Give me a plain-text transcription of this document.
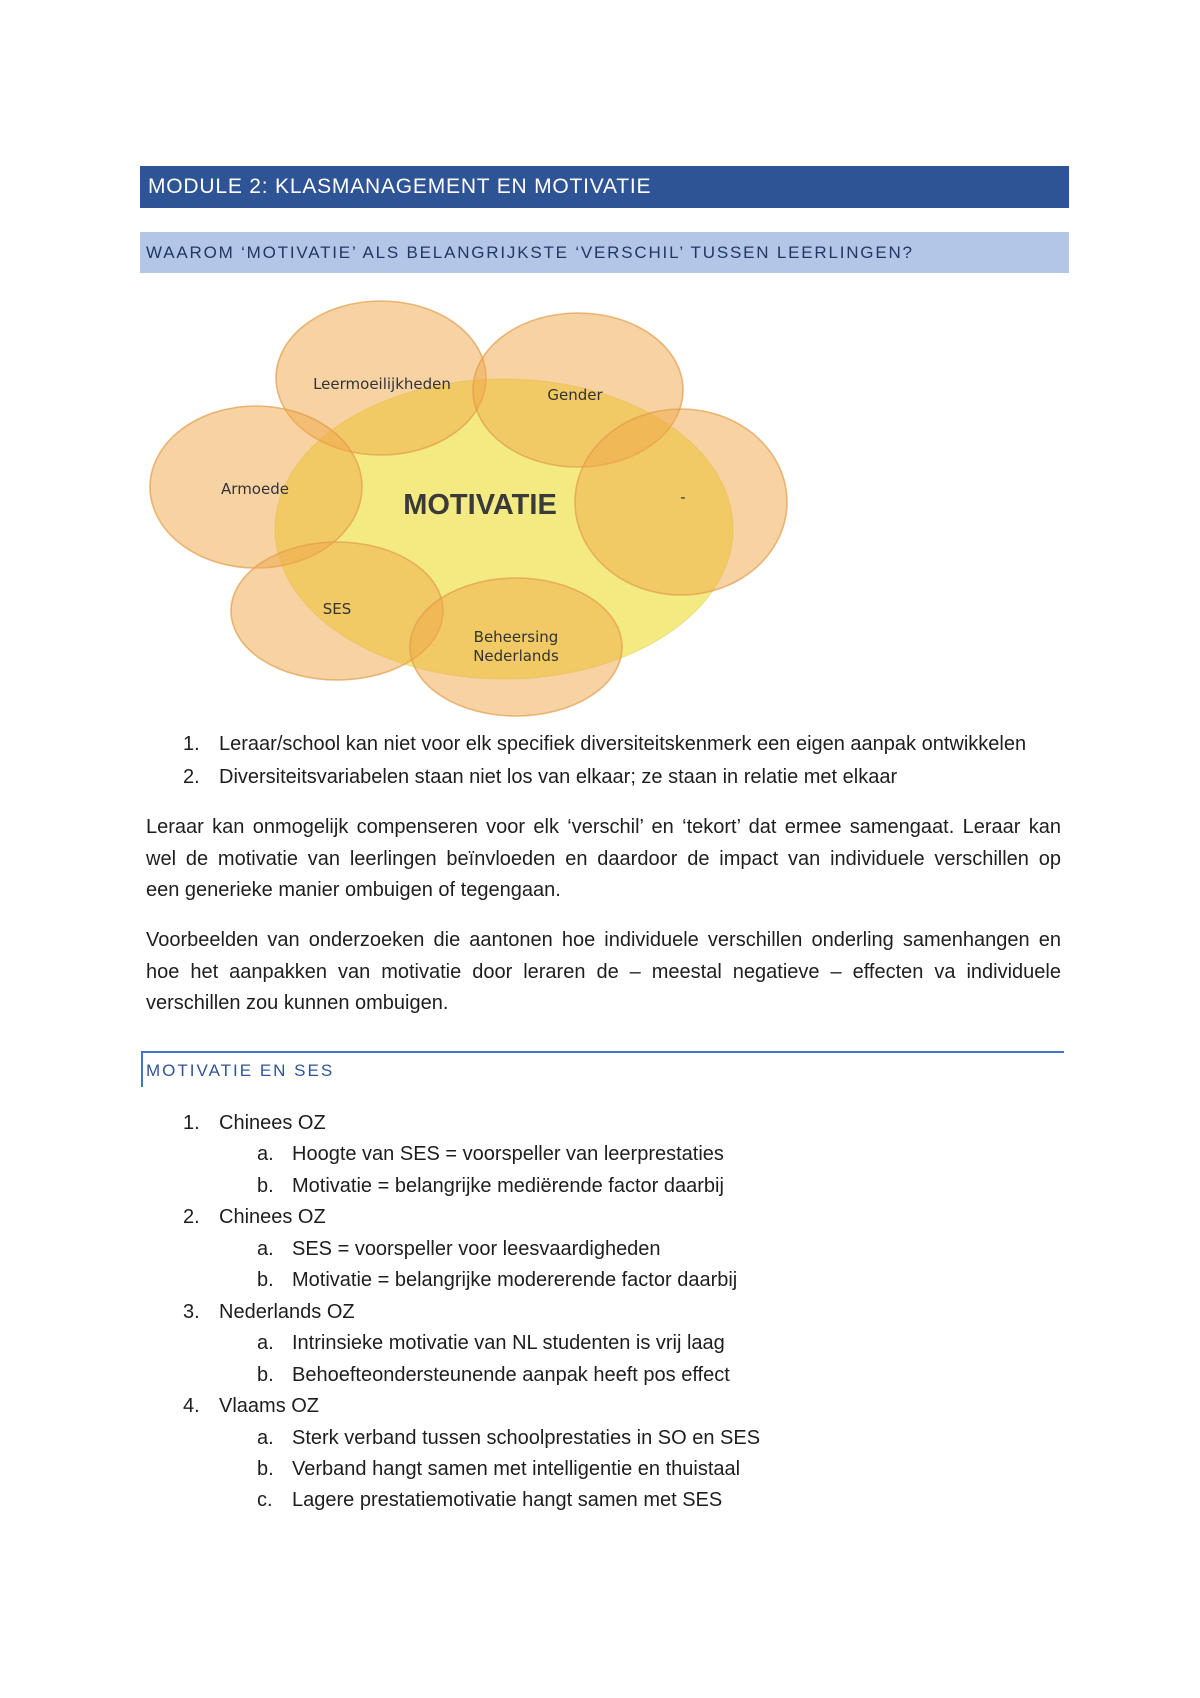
MODULE 2: KLASMANAGEMENT EN MOTIVATIE
WAAROM ‘MOTIVATIE’ ALS BELANGRIJKSTE ‘VERSCHIL’ TUSSEN LEERLINGEN?
Leermoeilijkheden
Gender
-
Armoede
SES
Beheersing
Nederlands
MOTIVATIE
1. Leraar/school kan niet voor elk specifiek diversiteitskenmerk een eigen aanpak ontwikkelen
2. Diversiteitsvariabelen staan niet los van elkaar; ze staan in relatie met elkaar
Leraar kan onmogelijk compenseren voor elk ‘verschil’ en ‘tekort’ dat ermee samengaat. Leraar kan
wel de motivatie van leerlingen beïnvloeden en daardoor de impact van individuele verschillen op
een generieke manier ombuigen of tegengaan.
Voorbeelden van onderzoeken die aantonen hoe individuele verschillen onderling samenhangen en
hoe het aanpakken van motivatie door leraren de – meestal negatieve – effecten va individuele
verschillen zou kunnen ombuigen.
MOTIVATIE EN SES
1. Chinees OZ
a. Hoogte van SES = voorspeller van leerprestaties
b. Motivatie = belangrijke mediërende factor daarbij
2. Chinees OZ
a. SES = voorspeller voor leesvaardigheden
b. Motivatie = belangrijke modererende factor daarbij
3. Nederlands OZ
a. Intrinsieke motivatie van NL studenten is vrij laag
b. Behoefteondersteunende aanpak heeft pos effect
4. Vlaams OZ
a. Sterk verband tussen schoolprestaties in SO en SES
b. Verband hangt samen met intelligentie en thuistaal
c. Lagere prestatiemotivatie hangt samen met SES
